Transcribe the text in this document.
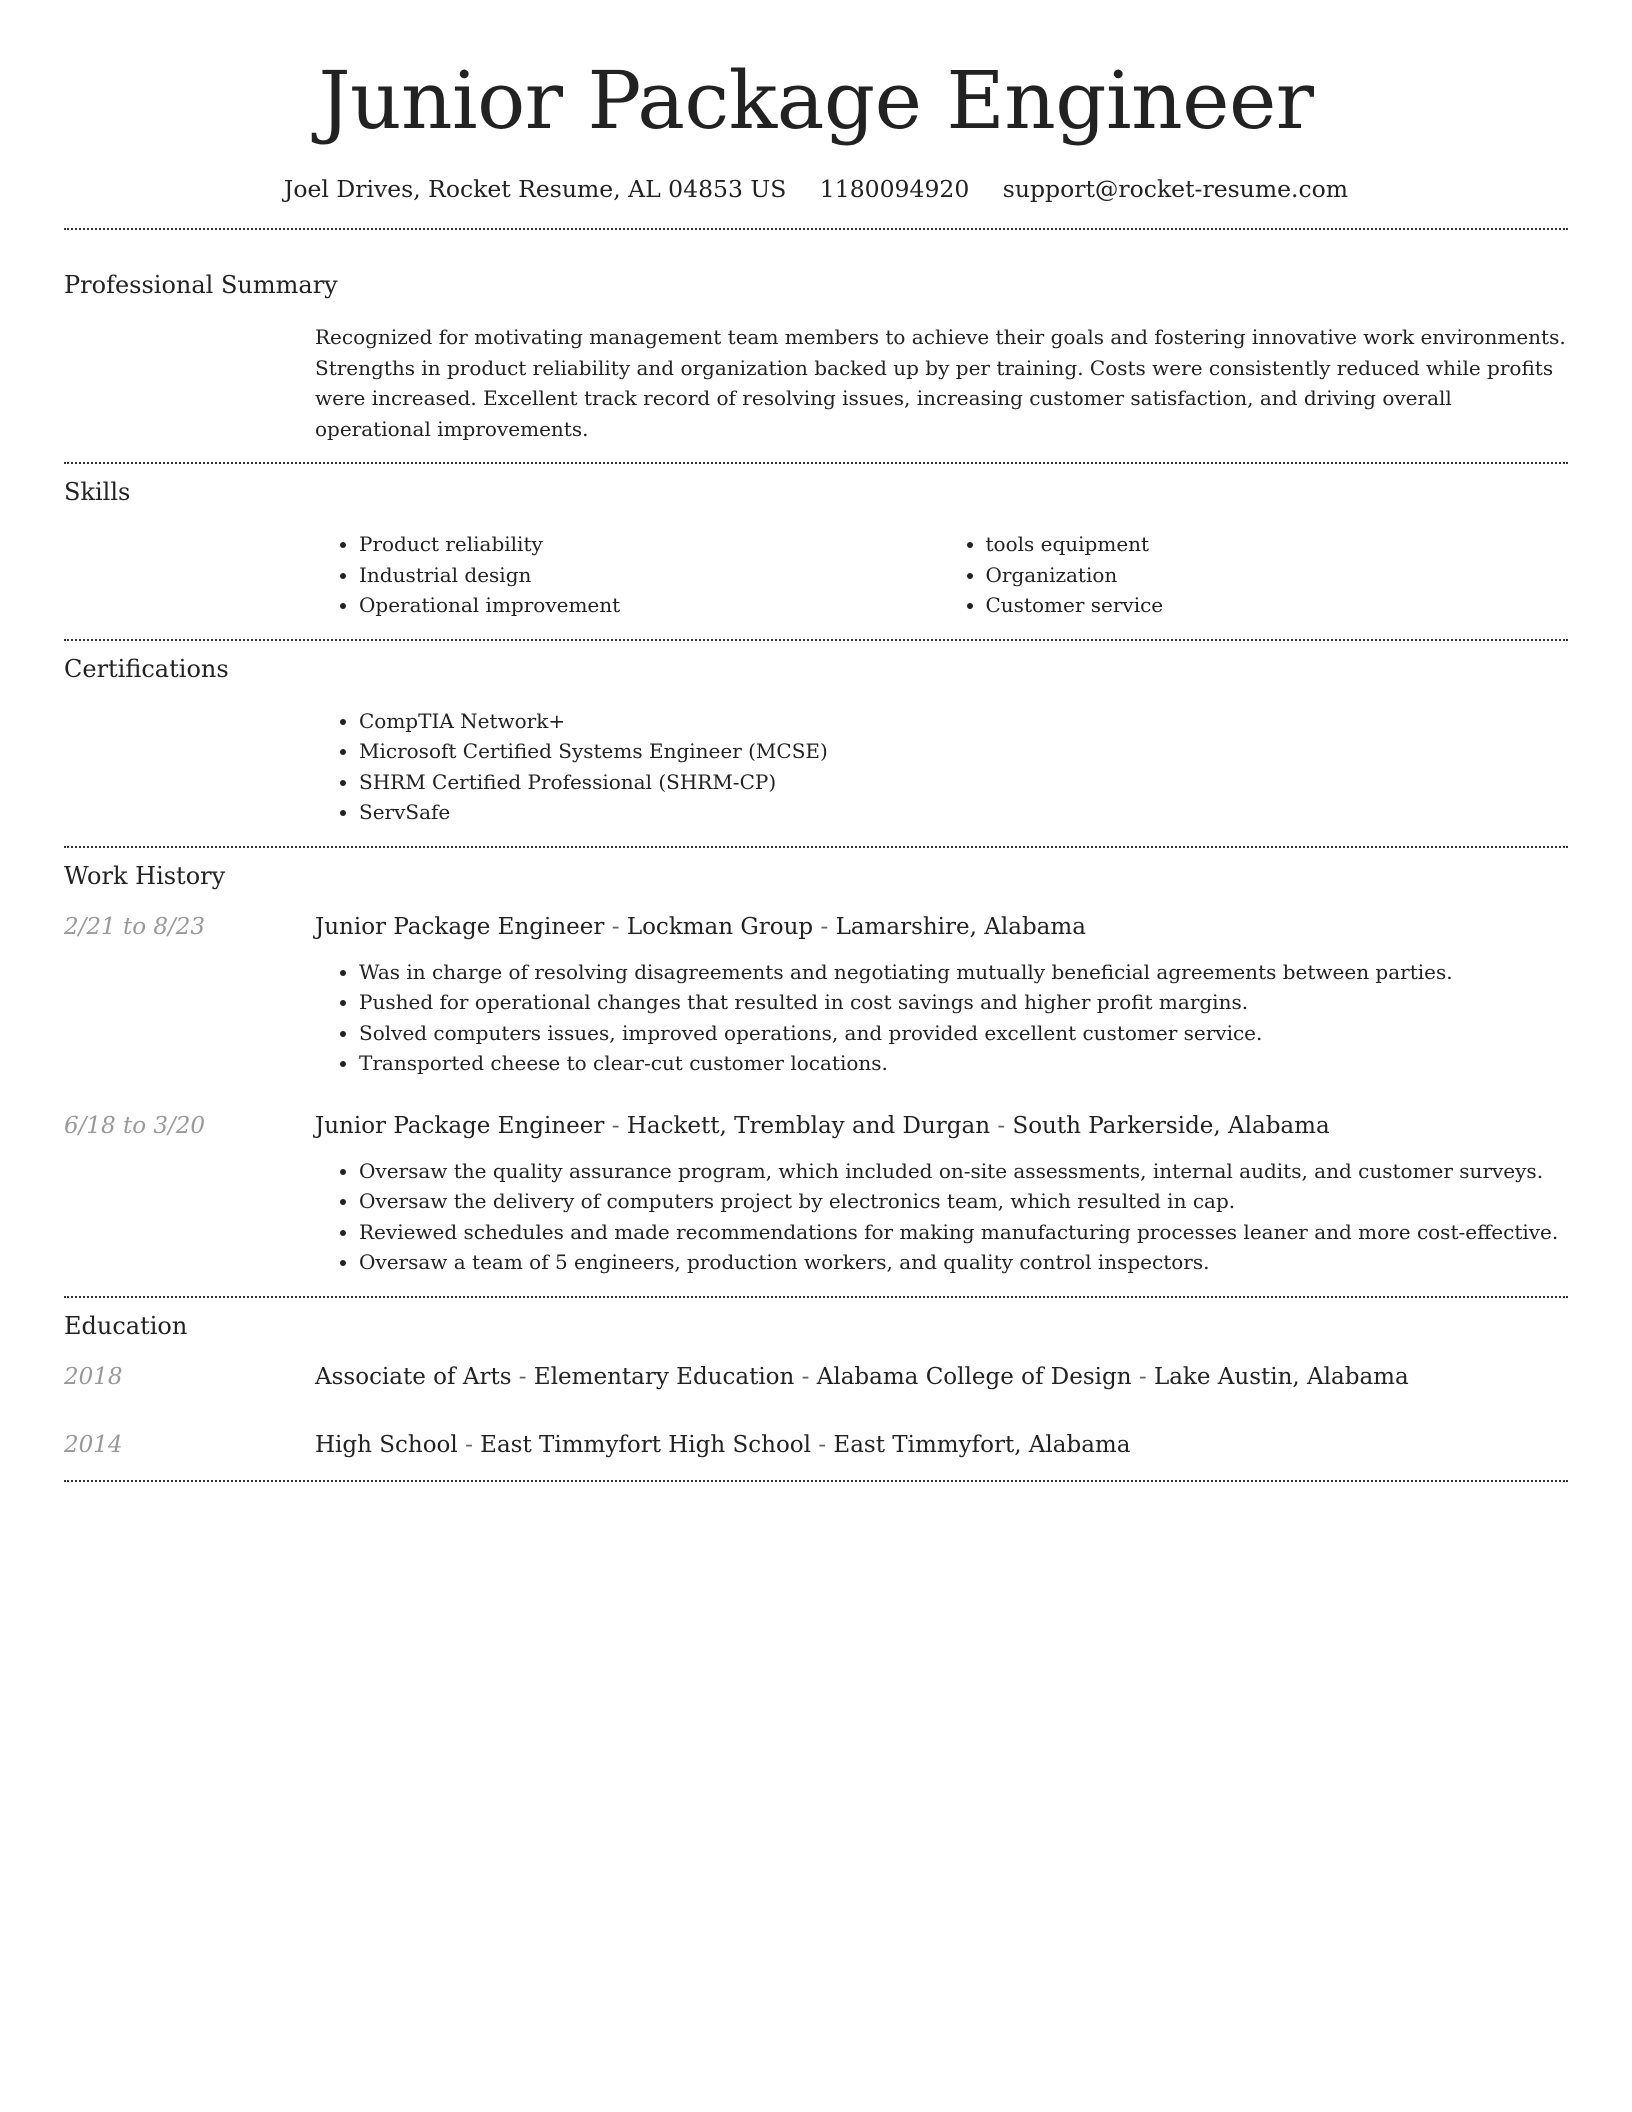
Junior Package Engineer
Joel Drives, Rocket Resume, AL 04853 US 1180094920 support@rocket-resume.com
Professional Summary
Recognized for motivating management team members to achieve their goals and fostering innovative work environments. Strengths in product reliability and organization backed up by per training. Costs were consistently reduced while profits were increased. Excellent track record of resolving issues, increasing customer satisfaction, and driving overall operational improvements.
Skills
• Product reliability
• Industrial design
• Operational improvement
• tools equipment
• Organization
• Customer service
Certifications
• CompTIA Network+
• Microsoft Certified Systems Engineer (MCSE)
• SHRM Certified Professional (SHRM-CP)
• ServSafe
Work History
2/21 to 8/23	Junior Package Engineer - Lockman Group - Lamarshire, Alabama
• Was in charge of resolving disagreements and negotiating mutually beneficial agreements between parties.
• Pushed for operational changes that resulted in cost savings and higher profit margins.
• Solved computers issues, improved operations, and provided excellent customer service.
• Transported cheese to clear-cut customer locations.
6/18 to 3/20	Junior Package Engineer - Hackett, Tremblay and Durgan - South Parkerside, Alabama
• Oversaw the quality assurance program, which included on-site assessments, internal audits, and customer surveys.
• Oversaw the delivery of computers project by electronics team, which resulted in cap.
• Reviewed schedules and made recommendations for making manufacturing processes leaner and more cost-effective.
• Oversaw a team of 5 engineers, production workers, and quality control inspectors.
Education
2018	Associate of Arts - Elementary Education - Alabama College of Design - Lake Austin, Alabama
2014	High School - East Timmyfort High School - East Timmyfort, Alabama
